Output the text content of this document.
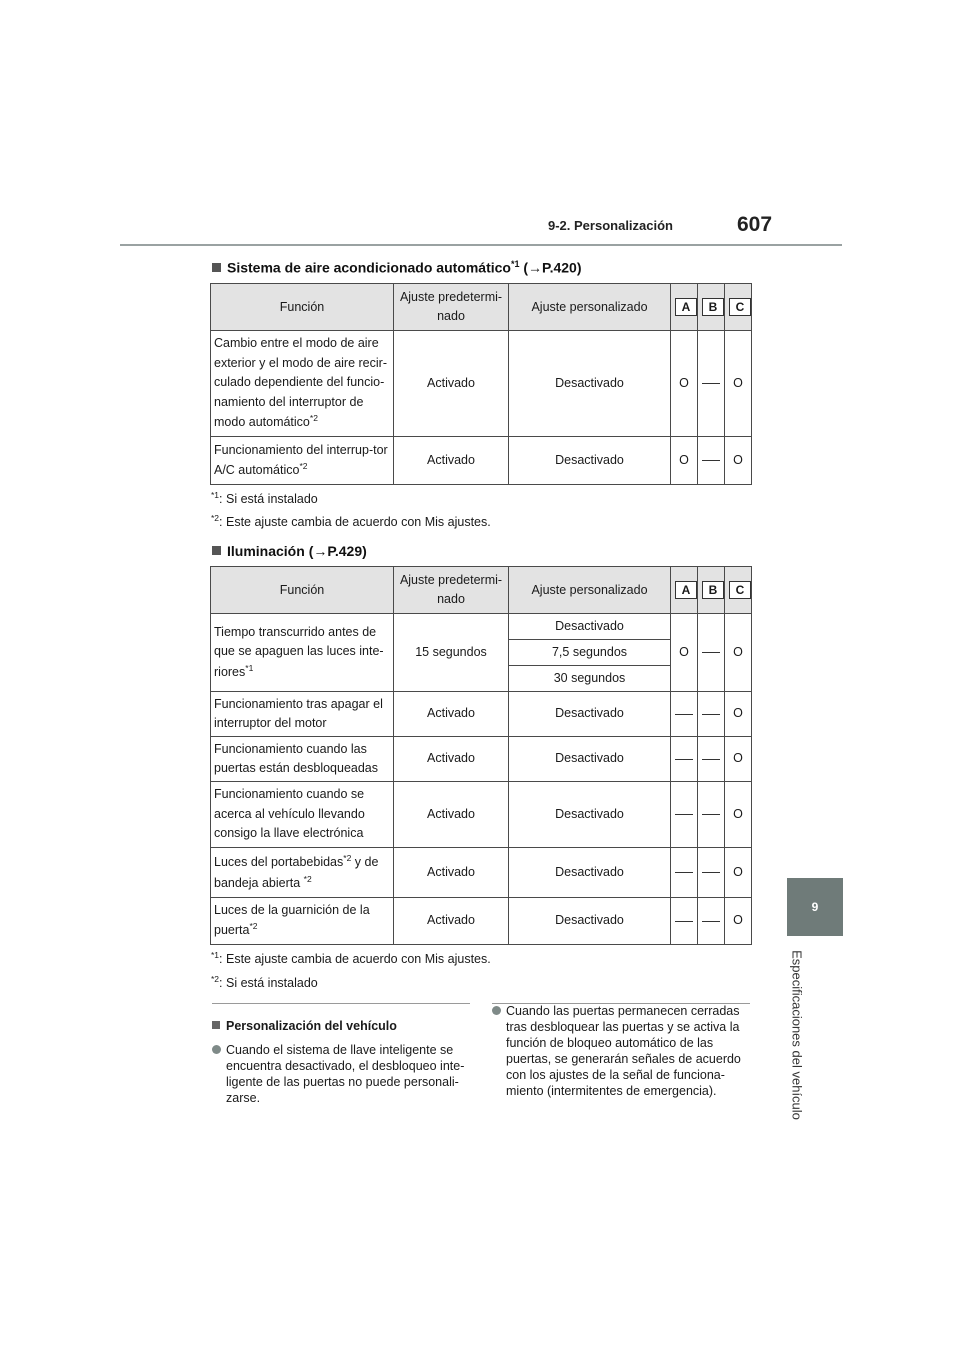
9-2. Personalización	607
9
Especificaciones del vehículo
Sistema de aire acondicionado automático$^{*1}$ (→P.420)
Función	Ajuste predetermi-nado	Ajuste personalizado	A	B	C
Cambio entre el modo de aire exterior y el modo de aire recir-culado dependiente del funcio-namiento del interruptor de modo automático$^{*2}$	Activado	Desactivado	O		O
Funcionamiento del interrup-tor A/C automático$^{*2}$	Activado	Desactivado	O		O
$^{*1}$: Si está instalado
$^{*2}$: Este ajuste cambia de acuerdo con Mis ajustes.
Iluminación (→P.429)
Función	Ajuste predetermi-nado	Ajuste personalizado	A	B	C
Tiempo transcurrido antes de que se apaguen las luces inte-riores$^{*1}$	15 segundos	Desactivado	O		O
		7,5 segundos			
		30 segundos			
Funcionamiento tras apagar el interruptor del motor	Activado	Desactivado			O
Funcionamiento cuando las puertas están desbloqueadas	Activado	Desactivado			O
Funcionamiento cuando se acerca al vehículo llevando consigo la llave electrónica	Activado	Desactivado			O
Luces del portabebidas$^{*2}$ y de bandeja abierta $^{*2}$	Activado	Desactivado			O
Luces de la guarnición de la puerta$^{*2}$	Activado	Desactivado			O
$^{*1}$: Este ajuste cambia de acuerdo con Mis ajustes.
$^{*2}$: Si está instalado
Personalización del vehículo
Cuando el sistema de llave inteligente se encuentra desactivado, el desbloqueo inte-ligente de las puertas no puede personali-zarse.
Cuando las puertas permanecen cerradas tras desbloquear las puertas y se activa la función de bloqueo automático de las puertas, se generarán señales de acuerdo con los ajustes de la señal de funciona-miento (intermitentes de emergencia).
